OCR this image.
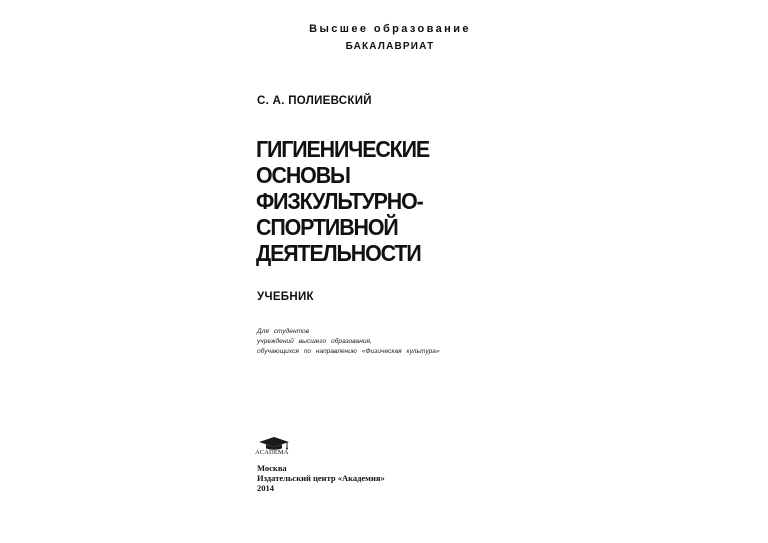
Высшее образование
БАКАЛАВРИАТ
С. А. ПОЛИЕВСКИЙ
ГИГИЕНИЧЕСКИЕ
ОСНОВЫ
ФИЗКУЛЬТУРНО-
СПОРТИВНОЙ
ДЕЯТЕЛЬНОСТИ
УЧЕБНИК
Для студентов
учреждений высшего образования,
обучающихся по направлению «Физическая культура»
ACADEMA
Москва
Издательский центр «Академия»
2014
